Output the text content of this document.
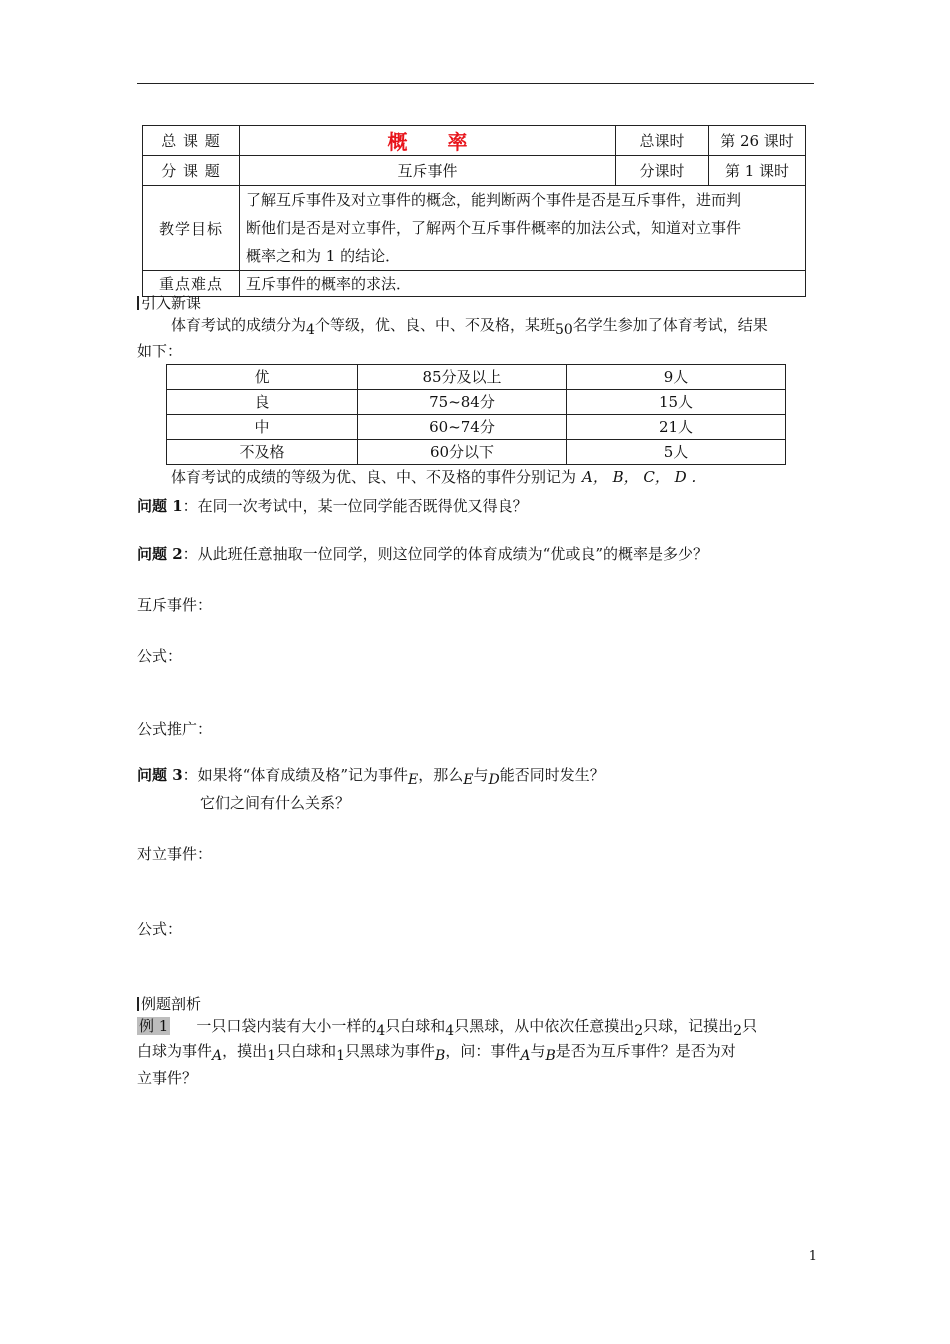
总 课 题	概率	总课时	第 26 课时
分 课 题	互斥事件	分课时	第 1 课时
教学目标	了解互斥事件及对立事件的概念，能判断两个事件是否是互斥事件，进而判
断他们是否是对立事件，了解两个互斥事件概率的加法公式，知道对立事件
概率之和为 1 的结论．		

重点难点	互斥事件的概率的求法．		
引入新课
体育考试的成绩分为4个等级，优、良、中、不及格，某班50名学生参加了体育考试，结果
如下：
优	85分及以上	9人
良	75~84分	15人
中	60~74分	21人
不及格	60分以下	5人
体育考试的成绩的等级为优、良、中、不及格的事件分别记为 A， B， C， D .
问题 1：在同一次考试中，某一位同学能否既得优又得良？
问题 2：从此班任意抽取一位同学，则这位同学的体育成绩为“优或良”的概率是多少？
互斥事件：
公式：
公式推广：
问题 3：如果将“体育成绩及格”记为事件E，那么E与D能否同时发生？
它们之间有什么关系？
对立事件：
公式：
例题剖析
例 1 一只口袋内装有大小一样的4只白球和4只黑球，从中依次任意摸出2只球，记摸出2只
白球为事件A，摸出1只白球和1只黑球为事件B，问：事件A与B是否为互斥事件？是否为对
立事件？
1
